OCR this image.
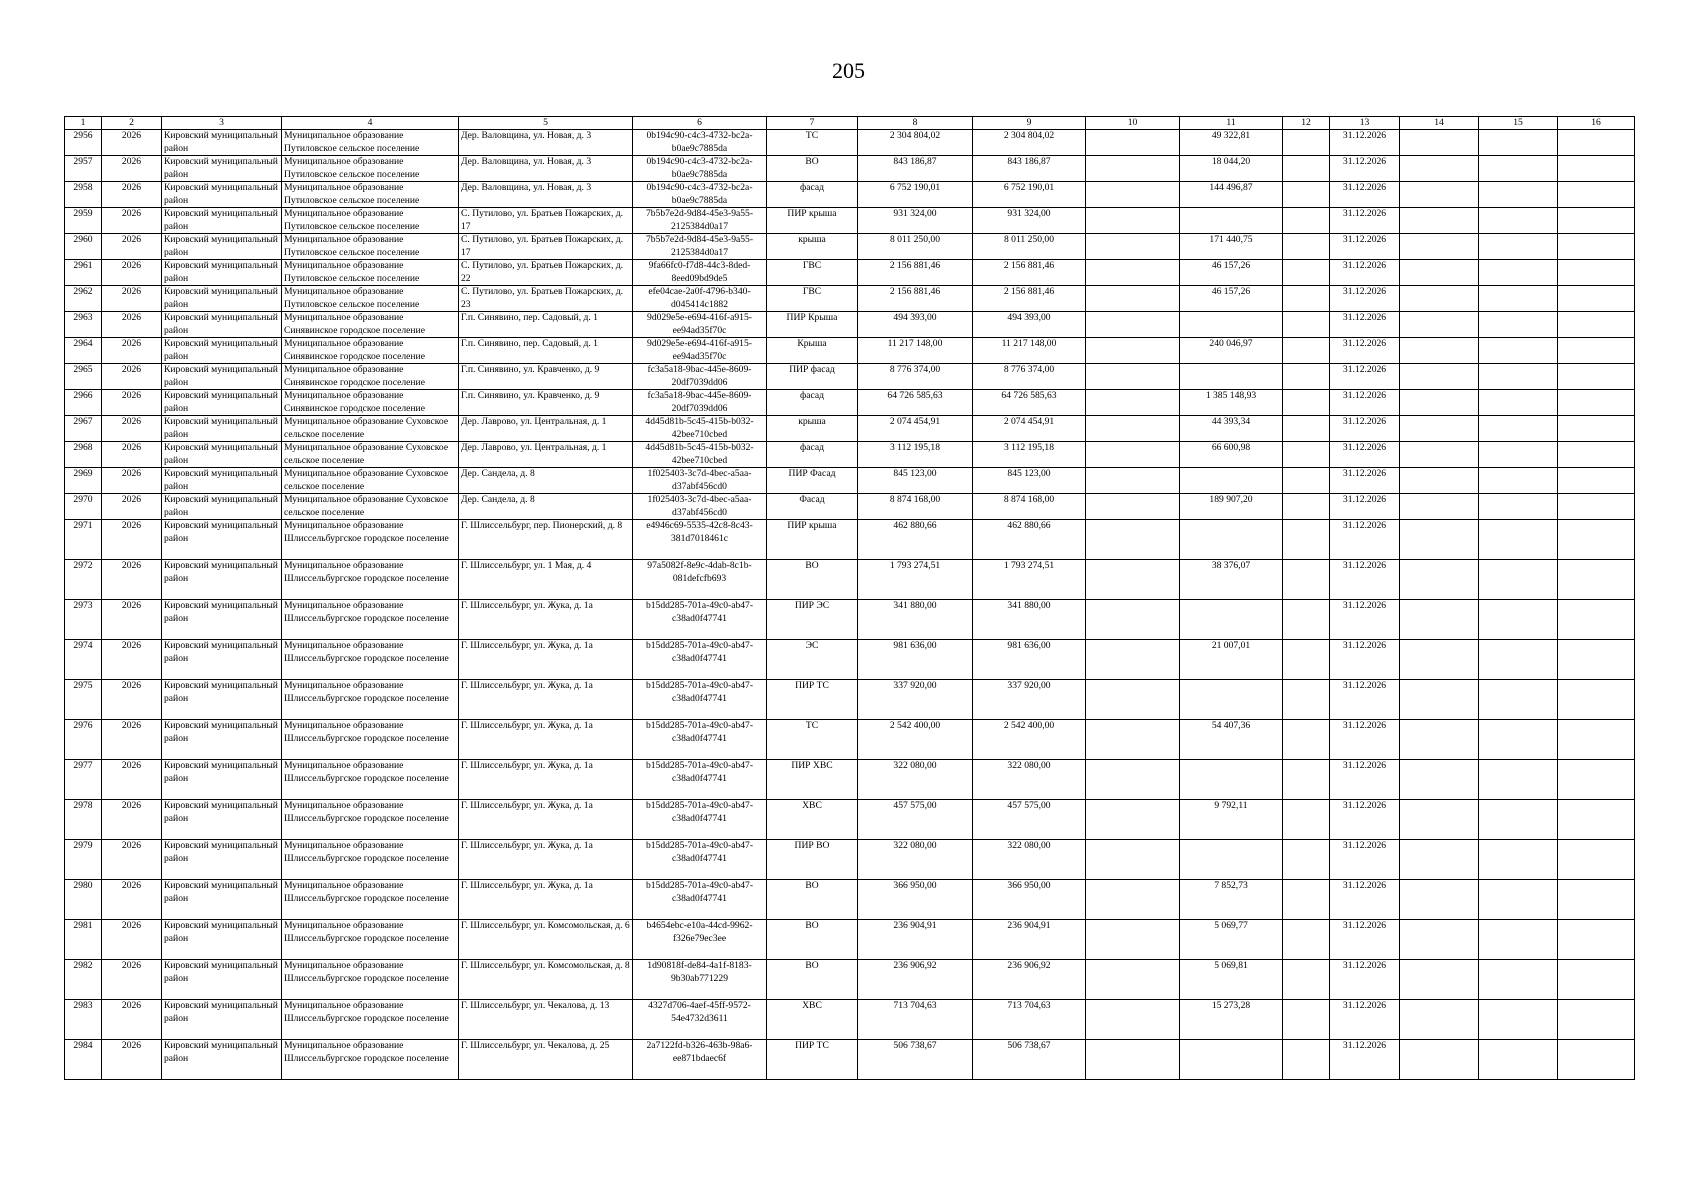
205
1	2	3	4	5	6	7	8	9	10	11	12	13	14	15	16
2956	2026	Кировский муниципальный район	Муниципальное образование Путиловское сельское поселение	Дер. Валовщина, ул. Новая, д. 3	0b194c90-c4c3-4732-bc2a-b0ae9c7885da	ТС	2 304 804,02	2 304 804,02		49 322,81		31.12.2026			
2957	2026	Кировский муниципальный район	Муниципальное образование Путиловское сельское поселение	Дер. Валовщина, ул. Новая, д. 3	0b194c90-c4c3-4732-bc2a-b0ae9c7885da	ВО	843 186,87	843 186,87		18 044,20		31.12.2026			
2958	2026	Кировский муниципальный район	Муниципальное образование Путиловское сельское поселение	Дер. Валовщина, ул. Новая, д. 3	0b194c90-c4c3-4732-bc2a-b0ae9c7885da	фасад	6 752 190,01	6 752 190,01		144 496,87		31.12.2026			
2959	2026	Кировский муниципальный район	Муниципальное образование Путиловское сельское поселение	С. Путилово, ул. Братьев Пожарских, д. 17	7b5b7e2d-9d84-45e3-9a55-2125384d0a17	ПИР крыша	931 324,00	931 324,00				31.12.2026			
2960	2026	Кировский муниципальный район	Муниципальное образование Путиловское сельское поселение	С. Путилово, ул. Братьев Пожарских, д. 17	7b5b7e2d-9d84-45e3-9a55-2125384d0a17	крыша	8 011 250,00	8 011 250,00		171 440,75		31.12.2026			
2961	2026	Кировский муниципальный район	Муниципальное образование Путиловское сельское поселение	С. Путилово, ул. Братьев Пожарских, д. 22	9fa66fc0-f7d8-44c3-8ded-8eed09bd9de5	ГВС	2 156 881,46	2 156 881,46		46 157,26		31.12.2026			
2962	2026	Кировский муниципальный район	Муниципальное образование Путиловское сельское поселение	С. Путилово, ул. Братьев Пожарских, д. 23	efe04cae-2a0f-4796-b340-d045414c1882	ГВС	2 156 881,46	2 156 881,46		46 157,26		31.12.2026			
2963	2026	Кировский муниципальный район	Муниципальное образование Синявинское городское поселение	Г.п. Синявино, пер. Садовый, д. 1	9d029e5e-e694-416f-a915-ee94ad35f70c	ПИР Крыша	494 393,00	494 393,00				31.12.2026			
2964	2026	Кировский муниципальный район	Муниципальное образование Синявинское городское поселение	Г.п. Синявино, пер. Садовый, д. 1	9d029e5e-e694-416f-a915-ee94ad35f70c	Крыша	11 217 148,00	11 217 148,00		240 046,97		31.12.2026			
2965	2026	Кировский муниципальный район	Муниципальное образование Синявинское городское поселение	Г.п. Синявино, ул. Кравченко, д. 9	fc3a5a18-9bac-445e-8609-20df7039dd06	ПИР фасад	8 776 374,00	8 776 374,00				31.12.2026			
2966	2026	Кировский муниципальный район	Муниципальное образование Синявинское городское поселение	Г.п. Синявино, ул. Кравченко, д. 9	fc3a5a18-9bac-445e-8609-20df7039dd06	фасад	64 726 585,63	64 726 585,63		1 385 148,93		31.12.2026			
2967	2026	Кировский муниципальный район	Муниципальное образование Суховское сельское поселение	Дер. Лаврово, ул. Центральная, д. 1	4d45d81b-5c45-415b-b032-42bee710cbed	крыша	2 074 454,91	2 074 454,91		44 393,34		31.12.2026			
2968	2026	Кировский муниципальный район	Муниципальное образование Суховское сельское поселение	Дер. Лаврово, ул. Центральная, д. 1	4d45d81b-5c45-415b-b032-42bee710cbed	фасад	3 112 195,18	3 112 195,18		66 600,98		31.12.2026			
2969	2026	Кировский муниципальный район	Муниципальное образование Суховское сельское поселение	Дер. Сандела, д. 8	1f025403-3c7d-4bec-a5aa-d37abf456cd0	ПИР Фасад	845 123,00	845 123,00				31.12.2026			
2970	2026	Кировский муниципальный район	Муниципальное образование Суховское сельское поселение	Дер. Сандела, д. 8	1f025403-3c7d-4bec-a5aa-d37abf456cd0	Фасад	8 874 168,00	8 874 168,00		189 907,20		31.12.2026			
2971	2026	Кировский муниципальный район	Муниципальное образование Шлиссельбургское городское поселение	Г. Шлиссельбург, пер. Пионерский, д. 8	e4946c69-5535-42c8-8c43-381d7018461c	ПИР крыша	462 880,66	462 880,66				31.12.2026			
2972	2026	Кировский муниципальный район	Муниципальное образование Шлиссельбургское городское поселение	Г. Шлиссельбург, ул. 1 Мая, д. 4	97a5082f-8e9c-4dab-8c1b-081defcfb693	ВО	1 793 274,51	1 793 274,51		38 376,07		31.12.2026			
2973	2026	Кировский муниципальный район	Муниципальное образование Шлиссельбургское городское поселение	Г. Шлиссельбург, ул. Жука, д. 1а	b15dd285-701a-49c0-ab47-c38ad0f47741	ПИР ЭС	341 880,00	341 880,00				31.12.2026			
2974	2026	Кировский муниципальный район	Муниципальное образование Шлиссельбургское городское поселение	Г. Шлиссельбург, ул. Жука, д. 1а	b15dd285-701a-49c0-ab47-c38ad0f47741	ЭС	981 636,00	981 636,00		21 007,01		31.12.2026			
2975	2026	Кировский муниципальный район	Муниципальное образование Шлиссельбургское городское поселение	Г. Шлиссельбург, ул. Жука, д. 1а	b15dd285-701a-49c0-ab47-c38ad0f47741	ПИР ТС	337 920,00	337 920,00				31.12.2026			
2976	2026	Кировский муниципальный район	Муниципальное образование Шлиссельбургское городское поселение	Г. Шлиссельбург, ул. Жука, д. 1а	b15dd285-701a-49c0-ab47-c38ad0f47741	ТС	2 542 400,00	2 542 400,00		54 407,36		31.12.2026			
2977	2026	Кировский муниципальный район	Муниципальное образование Шлиссельбургское городское поселение	Г. Шлиссельбург, ул. Жука, д. 1а	b15dd285-701a-49c0-ab47-c38ad0f47741	ПИР ХВС	322 080,00	322 080,00				31.12.2026			
2978	2026	Кировский муниципальный район	Муниципальное образование Шлиссельбургское городское поселение	Г. Шлиссельбург, ул. Жука, д. 1а	b15dd285-701a-49c0-ab47-c38ad0f47741	ХВС	457 575,00	457 575,00		9 792,11		31.12.2026			
2979	2026	Кировский муниципальный район	Муниципальное образование Шлиссельбургское городское поселение	Г. Шлиссельбург, ул. Жука, д. 1а	b15dd285-701a-49c0-ab47-c38ad0f47741	ПИР ВО	322 080,00	322 080,00				31.12.2026			
2980	2026	Кировский муниципальный район	Муниципальное образование Шлиссельбургское городское поселение	Г. Шлиссельбург, ул. Жука, д. 1а	b15dd285-701a-49c0-ab47-c38ad0f47741	ВО	366 950,00	366 950,00		7 852,73		31.12.2026			
2981	2026	Кировский муниципальный район	Муниципальное образование Шлиссельбургское городское поселение	Г. Шлиссельбург, ул. Комсомольская, д. 6	b4654ebc-e10a-44cd-9962-f326e79ec3ee	ВО	236 904,91	236 904,91		5 069,77		31.12.2026			
2982	2026	Кировский муниципальный район	Муниципальное образование Шлиссельбургское городское поселение	Г. Шлиссельбург, ул. Комсомольская, д. 8	1d90818f-de84-4a1f-8183-9b30ab771229	ВО	236 906,92	236 906,92		5 069,81		31.12.2026			
2983	2026	Кировский муниципальный район	Муниципальное образование Шлиссельбургское городское поселение	Г. Шлиссельбург, ул. Чекалова, д. 13	4327d706-4aef-45ff-9572-54e4732d3611	ХВС	713 704,63	713 704,63		15 273,28		31.12.2026			
2984	2026	Кировский муниципальный район	Муниципальное образование Шлиссельбургское городское поселение	Г. Шлиссельбург, ул. Чекалова, д. 25	2a7122fd-b326-463b-98a6-ee871bdaec6f	ПИР ТС	506 738,67	506 738,67				31.12.2026			
